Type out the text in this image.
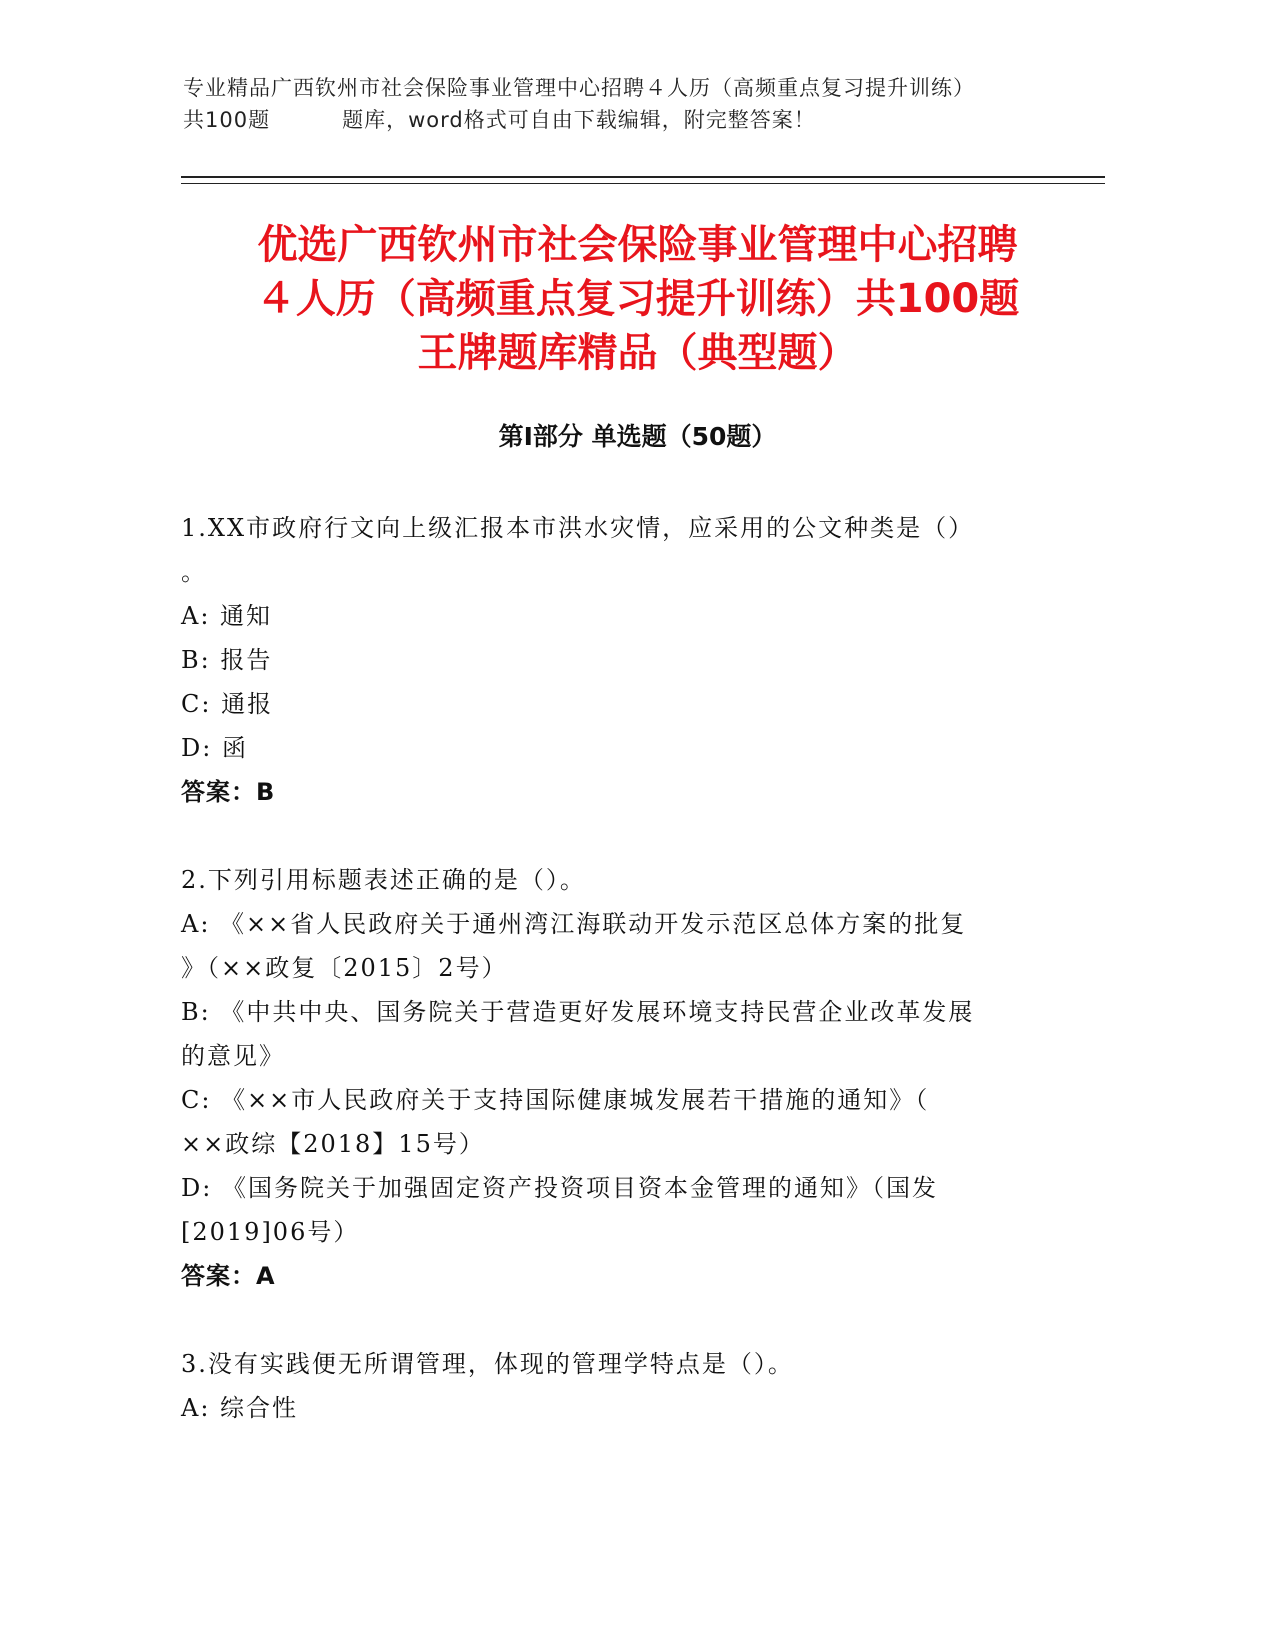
专业精品广西钦州市社会保险事业管理中心招聘４人历（高频重点复习提升训练）
共100题	题库，word格式可自由下载编辑，附完整答案！
优选广西钦州市社会保险事业管理中心招聘
４人历（高频重点复习提升训练）共100题
王牌题库精品（典型题）
第Ⅰ部分 单选题（50题）
1.XX市政府行文向上级汇报本市洪水灾情，应采用的公文种类是（）
。
A: 通知
B: 报告
C: 通报
D: 函
答案：B
2.下列引用标题表述正确的是（）。
A: 《××省人民政府关于通州湾江海联动开发示范区总体方案的批复
》（××政复〔2015〕2号）
B: 《中共中央、国务院关于营造更好发展环境支持民营企业改革发展
的意见》
C: 《××市人民政府关于支持国际健康城发展若干措施的通知》（
××政综【2018】15号）
D: 《国务院关于加强固定资产投资项目资本金管理的通知》（国发
[2019]06号）
答案：A
3.没有实践便无所谓管理，体现的管理学特点是（）。
A: 综合性
